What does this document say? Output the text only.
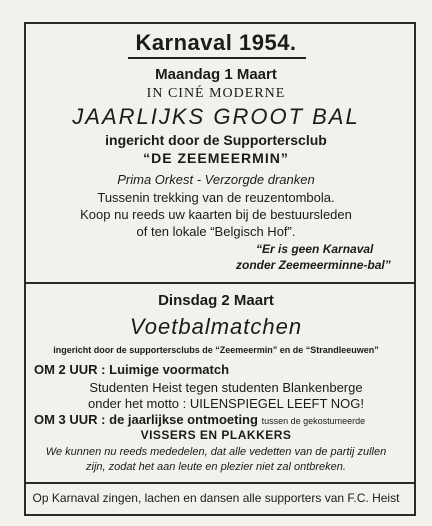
Karnaval 1954.
Maandag 1 Maart
IN CINÉ MODERNE
JAARLIJKS GROOT BAL
ingericht door de Supportersclub
“DE ZEEMEERMIN”
Prima Orkest - Verzorgde dranken
Tussenin trekking van de reuzentombola.
Koop nu reeds uw kaarten bij de bestuursleden
of ten lokale “Belgisch Hof”.
“Er is geen Karnaval
zonder Zeemeerminne-bal”
Dinsdag 2 Maart
Voetbalmatchen
ingericht door de supportersclubs de “Zeemeermin” en de “Strandleeuwen”
OM 2 UUR : Luimige voormatch
Studenten Heist tegen studenten Blankenberge
onder het motto : UILENSPIEGEL LEEFT NOG!
OM 3 UUR : de jaarlijkse ontmoeting tussen de gekostumeerde
VISSERS EN PLAKKERS
We kunnen nu reeds mededelen, dat alle vedetten van de partij zullen
zijn, zodat het aan leute en plezier niet zal ontbreken.
Op Karnaval zingen, lachen en dansen alle supporters van F.C. Heist
